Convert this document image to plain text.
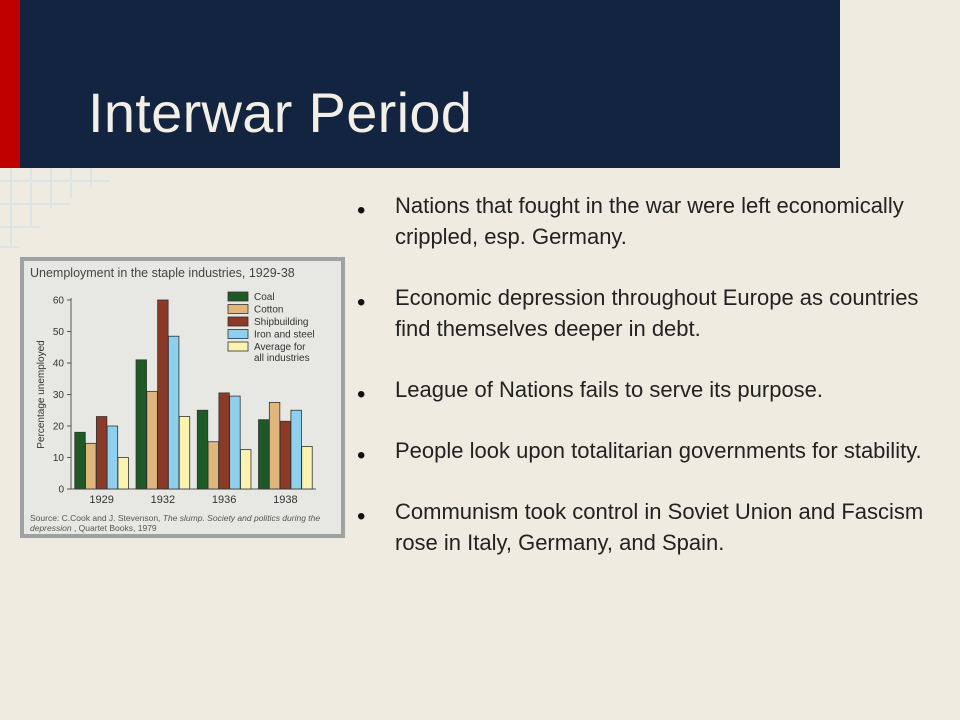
Interwar Period
Unemployment in the staple industries, 1929-38
0
10
20
30
40
50
60
Percentage unemployed
1929	1932	1936	1938
Coal
Cotton
Shipbuilding
Iron and steel
Average for
all industries
Source: C.Cook and J. Stevenson, The slump. Society and politics during the depression , Quartet Books, 1979
• Nations that fought in the war were left economically crippled, esp. Germany.
• Economic depression throughout Europe as countries find themselves deeper in debt.
• League of Nations fails to serve its purpose.
• People look upon totalitarian governments for stability.
• Communism took control in Soviet Union and Fascism rose in Italy, Germany, and Spain.
